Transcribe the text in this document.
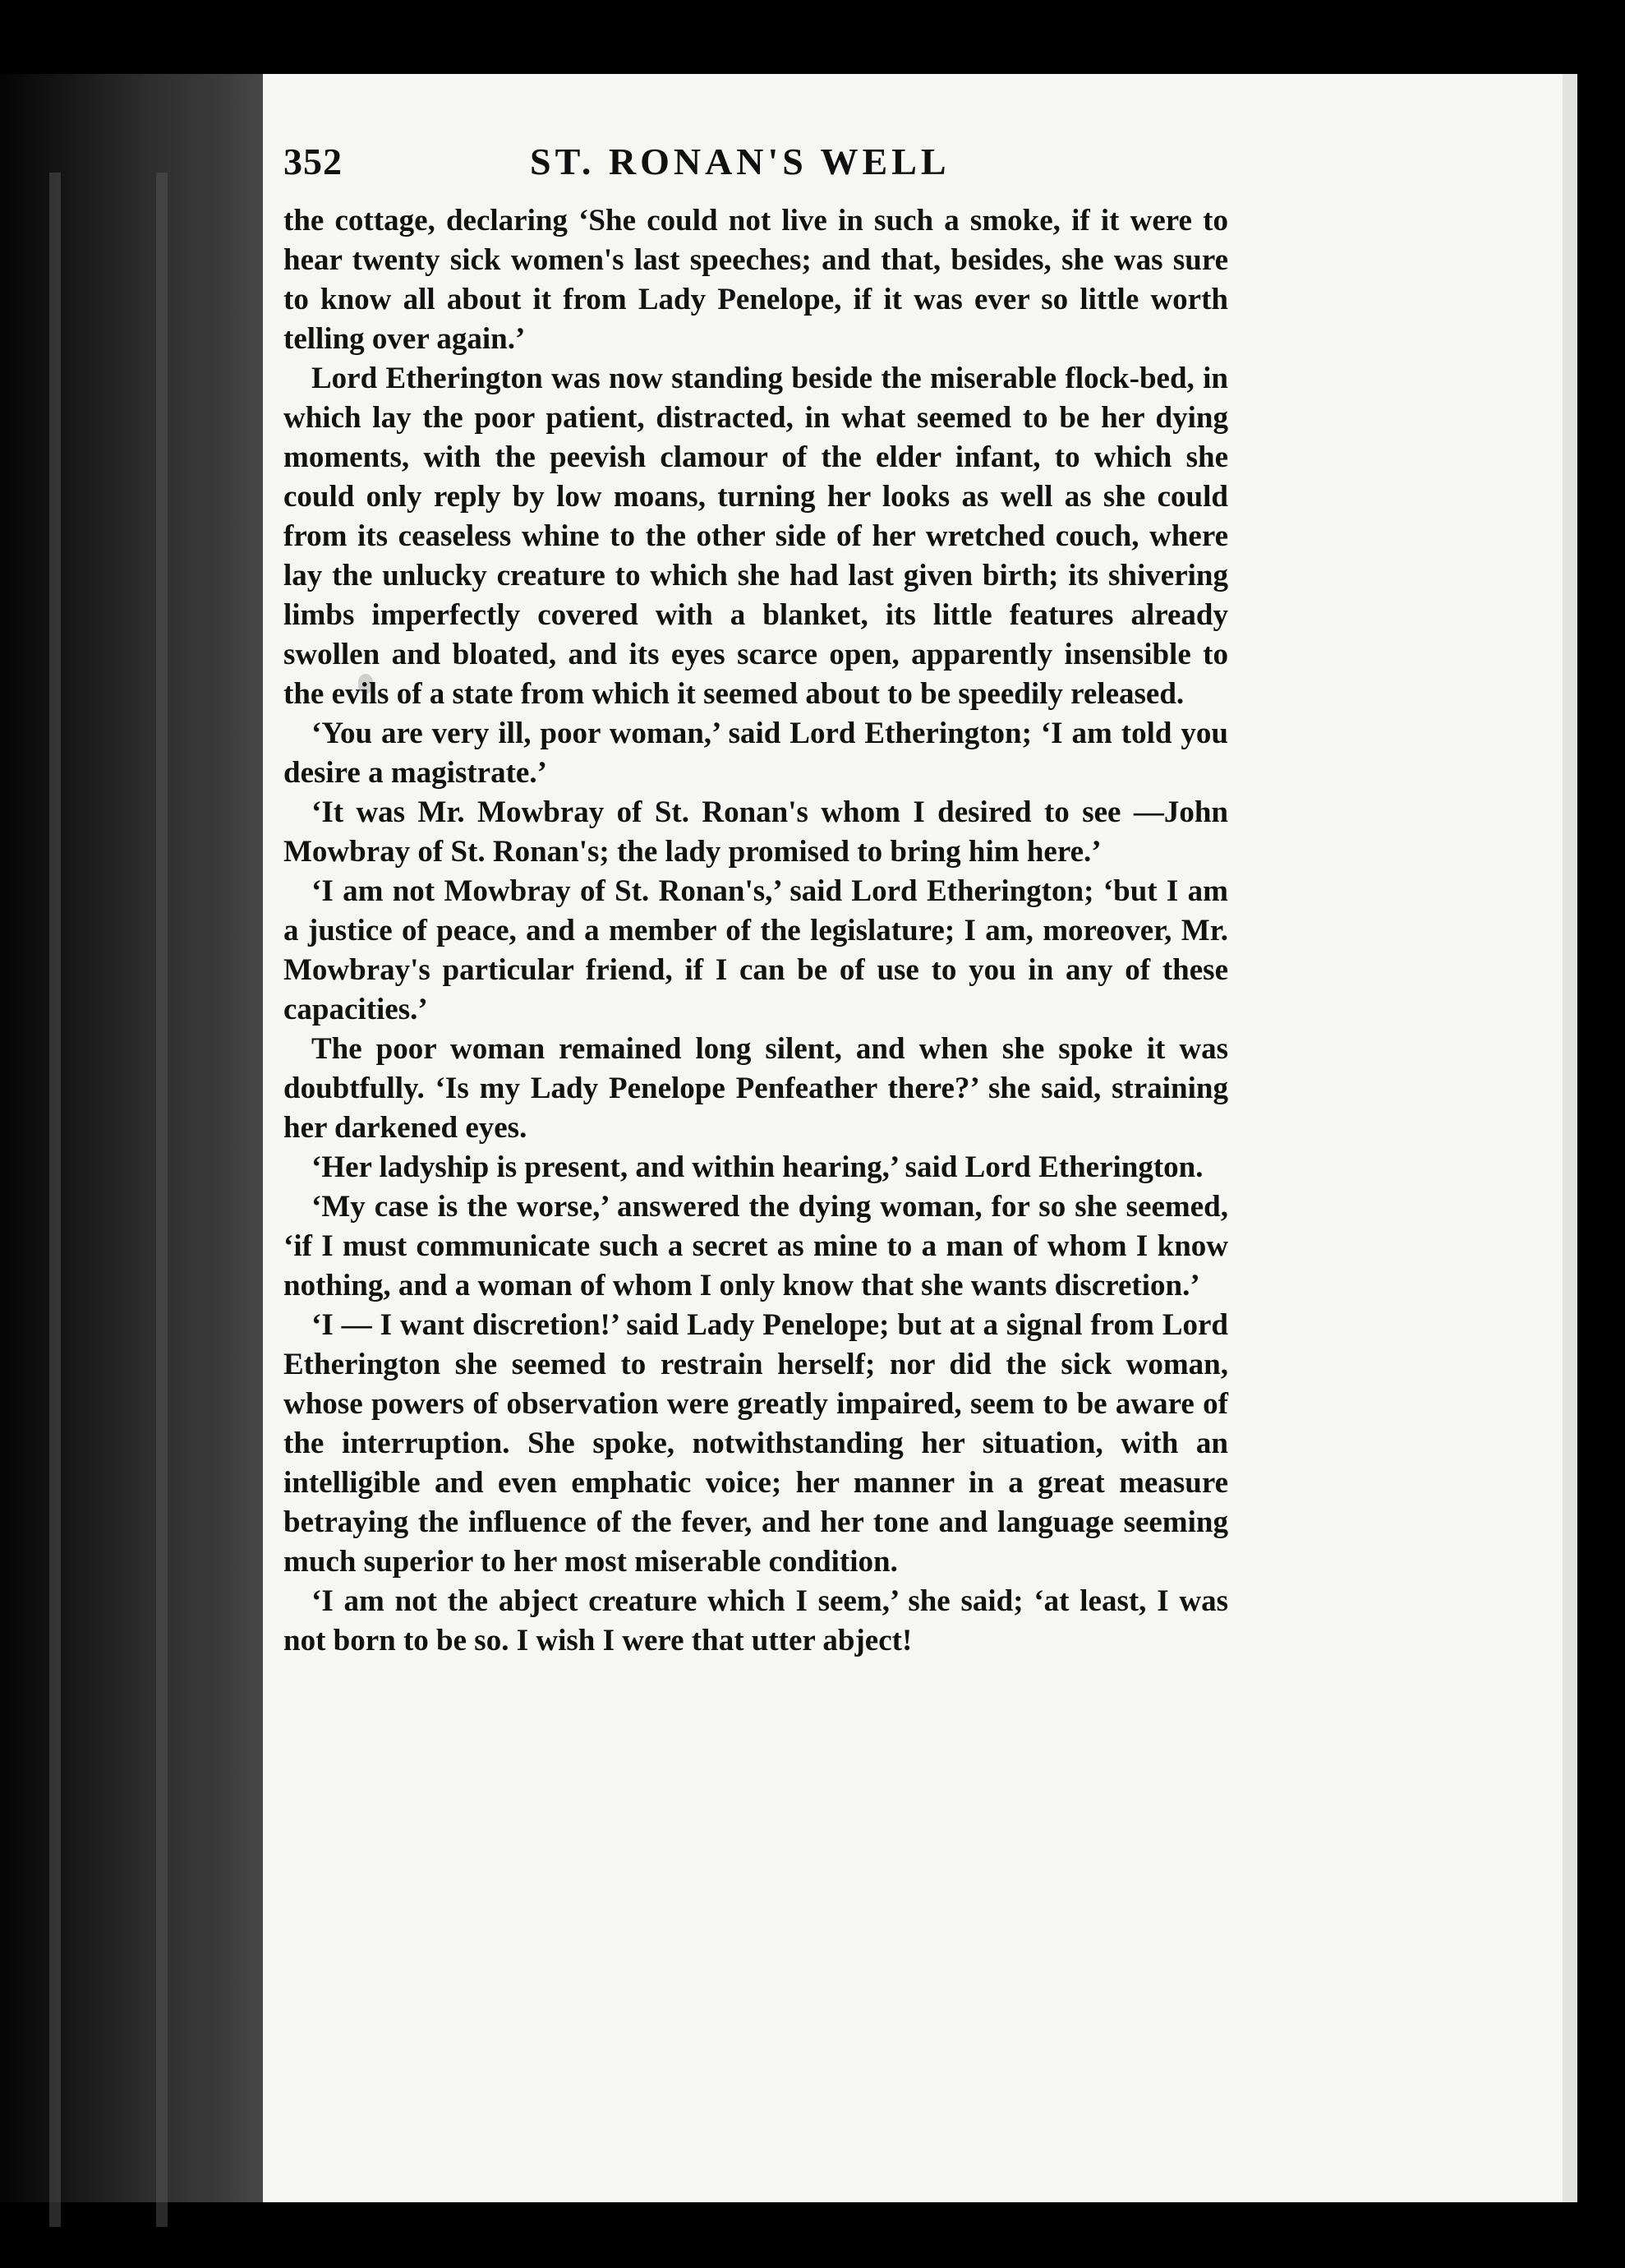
352	ST. RONAN'S WELL

the cottage, declaring ‘She could not live in such a smoke, if it were to hear twenty sick women's last speeches; and that, besides, she was sure to know all about it from Lady Penelope, if it was ever so little worth telling over again.’

Lord Etherington was now standing beside the miserable flock-bed, in which lay the poor patient, distracted, in what seemed to be her dying moments, with the peevish clamour of the elder infant, to which she could only reply by low moans, turning her looks as well as she could from its ceaseless whine to the other side of her wretched couch, where lay the unlucky creature to which she had last given birth; its shivering limbs imperfectly covered with a blanket, its little features already swollen and bloated, and its eyes scarce open, apparently insensible to the evils of a state from which it seemed about to be speedily released.

‘You are very ill, poor woman,’ said Lord Etherington; ‘I am told you desire a magistrate.’

‘It was Mr. Mowbray of St. Ronan's whom I desired to see —John Mowbray of St. Ronan's; the lady promised to bring him here.’

‘I am not Mowbray of St. Ronan's,’ said Lord Etherington; ‘but I am a justice of peace, and a member of the legislature; I am, moreover, Mr. Mowbray's particular friend, if I can be of use to you in any of these capacities.’

The poor woman remained long silent, and when she spoke it was doubtfully. ‘Is my Lady Penelope Penfeather there?’ she said, straining her darkened eyes.

‘Her ladyship is present, and within hearing,’ said Lord Etherington.

‘My case is the worse,’ answered the dying woman, for so she seemed, ‘if I must communicate such a secret as mine to a man of whom I know nothing, and a woman of whom I only know that she wants discretion.’

‘I — I want discretion!’ said Lady Penelope; but at a signal from Lord Etherington she seemed to restrain herself; nor did the sick woman, whose powers of observation were greatly impaired, seem to be aware of the interruption. She spoke, notwithstanding her situation, with an intelligible and even emphatic voice; her manner in a great measure betraying the influence of the fever, and her tone and language seeming much superior to her most miserable condition.

‘I am not the abject creature which I seem,’ she said; ‘at least, I was not born to be so. I wish I were that utter abject!
